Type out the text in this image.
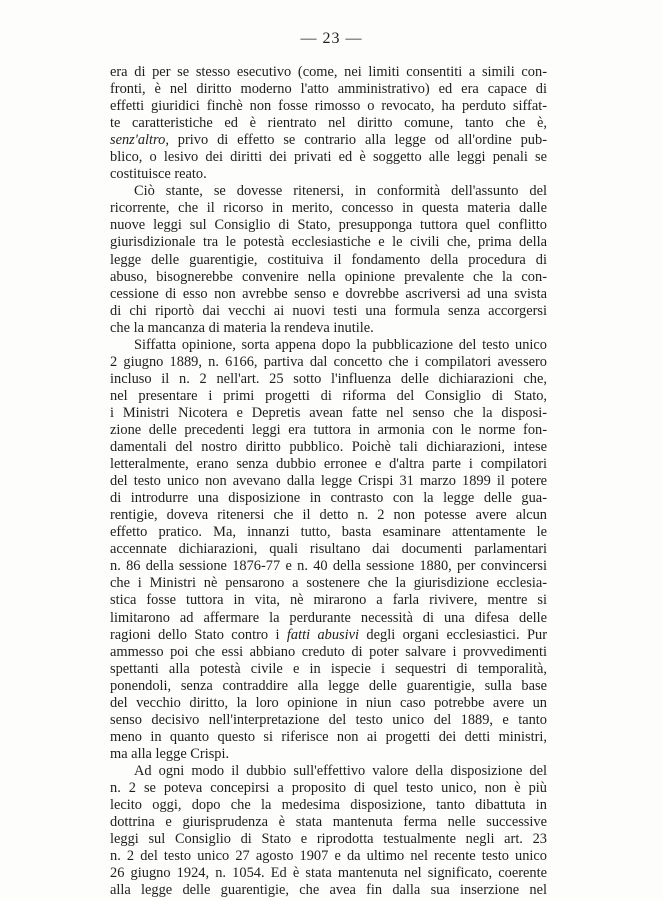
— 23 —
era di per se stesso esecutivo (come, nei limiti consentiti a simili con-
fronti, è nel diritto moderno l'atto amministrativo) ed era capace di
effetti giuridici finchè non fosse rimosso o revocato, ha perduto siffat-
te caratteristiche ed è rientrato nel diritto comune, tanto che è,
senz'altro, privo di effetto se contrario alla legge od all'ordine pub-
blico, o lesivo dei diritti dei privati ed è soggetto alle leggi penali se
costituisce reato.
Ciò stante, se dovesse ritenersi, in conformità dell'assunto del
ricorrente, che il ricorso in merito, concesso in questa materia dalle
nuove leggi sul Consiglio di Stato, presupponga tuttora quel conflitto
giurisdizionale tra le potestà ecclesiastiche e le civili che, prima della
legge delle guarentigie, costituiva il fondamento della procedura di
abuso, bisognerebbe convenire nella opinione prevalente che la con-
cessione di esso non avrebbe senso e dovrebbe ascriversi ad una svista
di chi riportò dai vecchi ai nuovi testi una formula senza accorgersi
che la mancanza di materia la rendeva inutile.
Siffatta opinione, sorta appena dopo la pubblicazione del testo unico
2 giugno 1889, n. 6166, partiva dal concetto che i compilatori avessero
incluso il n. 2 nell'art. 25 sotto l'influenza delle dichiarazioni che,
nel presentare i primi progetti di riforma del Consiglio di Stato,
i Ministri Nicotera e Depretis avean fatte nel senso che la disposi-
zione delle precedenti leggi era tuttora in armonia con le norme fon-
damentali del nostro diritto pubblico. Poichè tali dichiarazioni, intese
letteralmente, erano senza dubbio erronee e d'altra parte i compilatori
del testo unico non avevano dalla legge Crispi 31 marzo 1899 il potere
di introdurre una disposizione in contrasto con la legge delle gua-
rentigie, doveva ritenersi che il detto n. 2 non potesse avere alcun
effetto pratico. Ma, innanzi tutto, basta esaminare attentamente le
accennate dichiarazioni, quali risultano dai documenti parlamentari
n. 86 della sessione 1876-77 e n. 40 della sessione 1880, per convincersi
che i Ministri nè pensarono a sostenere che la giurisdizione ecclesia-
stica fosse tuttora in vita, nè mirarono a farla rivivere, mentre si
limitarono ad affermare la perdurante necessità di una difesa delle
ragioni dello Stato contro i fatti abusivi degli organi ecclesiastici. Pur
ammesso poi che essi abbiano creduto di poter salvare i provvedimenti
spettanti alla potestà civile e in ispecie i sequestri di temporalità,
ponendoli, senza contraddire alla legge delle guarentigie, sulla base
del vecchio diritto, la loro opinione in niun caso potrebbe avere un
senso decisivo nell'interpretazione del testo unico del 1889, e tanto
meno in quanto questo si riferisce non ai progetti dei detti ministri,
ma alla legge Crispi.
Ad ogni modo il dubbio sull'effettivo valore della disposizione del
n. 2 se poteva concepirsi a proposito di quel testo unico, non è più
lecito oggi, dopo che la medesima disposizione, tanto dibattuta in
dottrina e giurisprudenza è stata mantenuta ferma nelle successive
leggi sul Consiglio di Stato e riprodotta testualmente negli art. 23
n. 2 del testo unico 27 agosto 1907 e da ultimo nel recente testo unico
26 giugno 1924, n. 1054. Ed è stata mantenuta nel significato, coerente
alla legge delle guarentigie, che avea fin dalla sua inserzione nel
